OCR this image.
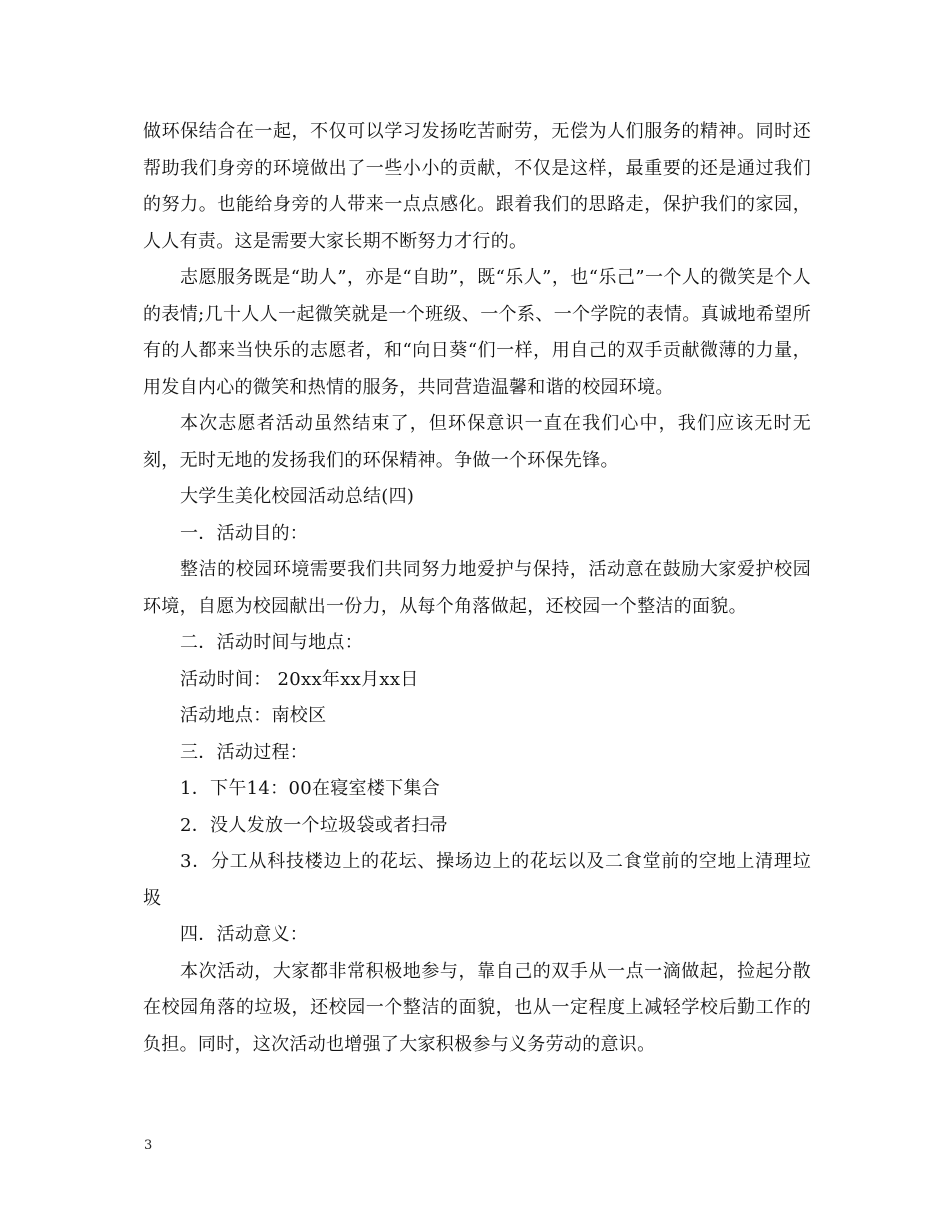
做环保结合在一起，不仅可以学习发扬吃苦耐劳，无偿为人们服务的精神。同时还帮助我们身旁的环境做出了一些小小的贡献，不仅是这样，最重要的还是通过我们的努力。也能给身旁的人带来一点点感化。跟着我们的思路走，保护我们的家园，人人有责。这是需要大家长期不断努力才行的。

志愿服务既是“助人”，亦是“自助”，既“乐人”，也“乐己”一个人的微笑是个人的表情;几十人人一起微笑就是一个班级、一个系、一个学院的表情。真诚地希望所有的人都来当快乐的志愿者，和“向日葵“们一样，用自己的双手贡献微薄的力量，用发自内心的微笑和热情的服务，共同营造温馨和谐的校园环境。

本次志愿者活动虽然结束了，但环保意识一直在我们心中，我们应该无时无刻，无时无地的发扬我们的环保精神。争做一个环保先锋。

大学生美化校园活动总结(四)

一．活动目的：

整洁的校园环境需要我们共同努力地爱护与保持，活动意在鼓励大家爱护校园环境，自愿为校园献出一份力，从每个角落做起，还校园一个整洁的面貌。

二．活动时间与地点：

活动时间： 20xx年xx月xx日

活动地点：南校区

三．活动过程：

1．下午14：00在寝室楼下集合

2．没人发放一个垃圾袋或者扫帚

3．分工从科技楼边上的花坛、操场边上的花坛以及二食堂前的空地上清理垃圾

四．活动意义：

本次活动，大家都非常积极地参与，靠自己的双手从一点一滴做起，捡起分散在校园角落的垃圾，还校园一个整洁的面貌，也从一定程度上减轻学校后勤工作的负担。同时，这次活动也增强了大家积极参与义务劳动的意识。

3
